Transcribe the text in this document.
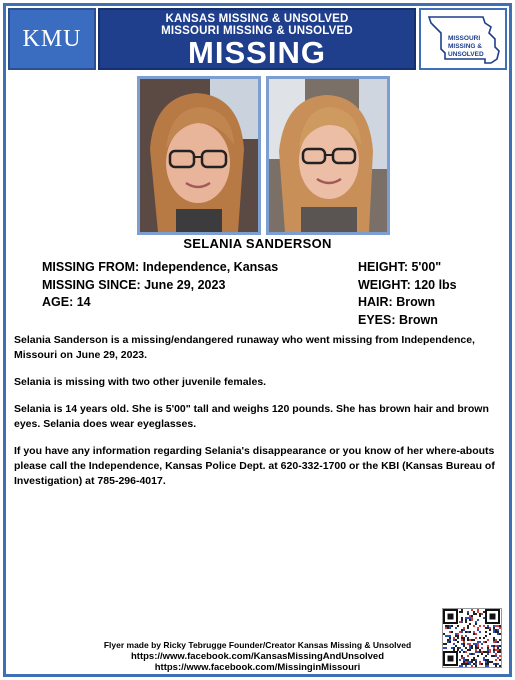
KMU
KANSAS MISSING & UNSOLVED
MISSOURI MISSING & UNSOLVED
MISSING	MISSOURI MISSING & UNSOLVED
SELANIA SANDERSON
MISSING FROM: Independence, Kansas
MISSING SINCE: June 29, 2023
AGE: 14
HEIGHT: 5'00"
WEIGHT: 120 lbs
HAIR: Brown
EYES: Brown

Selania Sanderson is a missing/endangered runaway who went missing from Independence, Missouri on June 29, 2023.

Selania is missing with two other juvenile females.

Selania is 14 years old. She is 5'00" tall and weighs 120 pounds. She has brown hair and brown eyes. Selania does wear eyeglasses.

If you have any information regarding Selania's disappearance or you know of her where-abouts please call the Independence, Kansas Police Dept. at 620-332-1700 or the KBI (Kansas Bureau of Investigation) at 785-296-4017.

Flyer made by Ricky Tebrugge Founder/Creator Kansas Missing & Unsolved
https://www.facebook.com/KansasMissingAndUnsolved
https://www.facebook.com/MissinginMissouri
